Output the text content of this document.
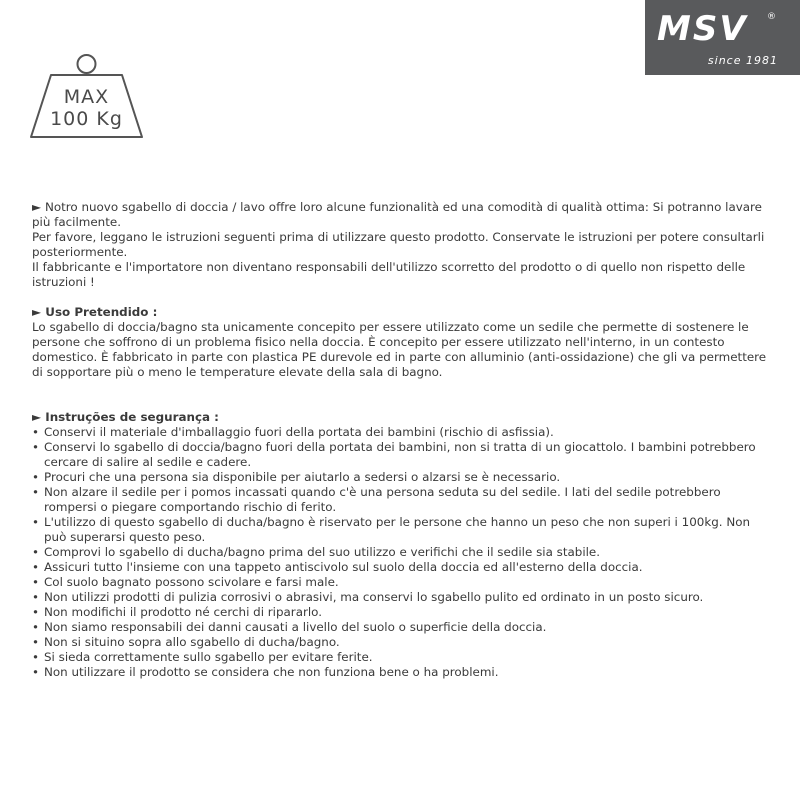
MSV ®
since 1981
MAX
100 Kg

► Notro nuovo sgabello di doccia / lavo offre loro alcune funzionalità ed una comodità di qualità ottima: Si potranno lavare più facilmente.

Per favore, leggano le istruzioni seguenti prima di utilizzare questo prodotto. Conservate le istruzioni per potere consultarli posteriormente.

Il fabbricante e l'importatore non diventano responsabili dell'utilizzo scorretto del prodotto o di quello non rispetto delle istruzioni !

► Uso Pretendido :

Lo sgabello di doccia/bagno sta unicamente concepito per essere utilizzato come un sedile che permette di sostenere le persone che soffrono di un problema fisico nella doccia. È concepito per essere utilizzato nell'interno, in un contesto domestico. È fabbricato in parte con plastica PE durevole ed in parte con alluminio (anti-ossidazione) che gli va permettere di sopportare più o meno le temperature elevate della sala di bagno.

► Instruções de segurança :

• Conservi il materiale d'imballaggio fuori della portata dei bambini (rischio di asfissia).

• Conservi lo sgabello di doccia/bagno fuori della portata dei bambini, non si tratta di un giocattolo. I bambini potrebbero cercare di salire al sedile e cadere.

• Procuri che una persona sia disponibile per aiutarlo a sedersi o alzarsi se è necessario.

• Non alzare il sedile per i pomos incassati quando c'è una persona seduta su del sedile. I lati del sedile potrebbero rompersi o piegare comportando rischio di ferito.

• L'utilizzo di questo sgabello di ducha/bagno è riservato per le persone che hanno un peso che non superi i 100kg. Non può superarsi questo peso.

• Comprovi lo sgabello di ducha/bagno prima del suo utilizzo e verifichi che il sedile sia stabile.

• Assicuri tutto l'insieme con una tappeto antiscivolo sul suolo della doccia ed all'esterno della doccia.

• Col suolo bagnato possono scivolare e farsi male.

• Non utilizzi prodotti di pulizia corrosivi o abrasivi, ma conservi lo sgabello pulito ed ordinato in un posto sicuro.

• Non modifichi il prodotto né cerchi di ripararlo.

• Non siamo responsabili dei danni causati a livello del suolo o superficie della doccia.

• Non si situino sopra allo sgabello di ducha/bagno.

• Si sieda correttamente sullo sgabello per evitare ferite.

• Non utilizzare il prodotto se considera che non funziona bene o ha problemi.
